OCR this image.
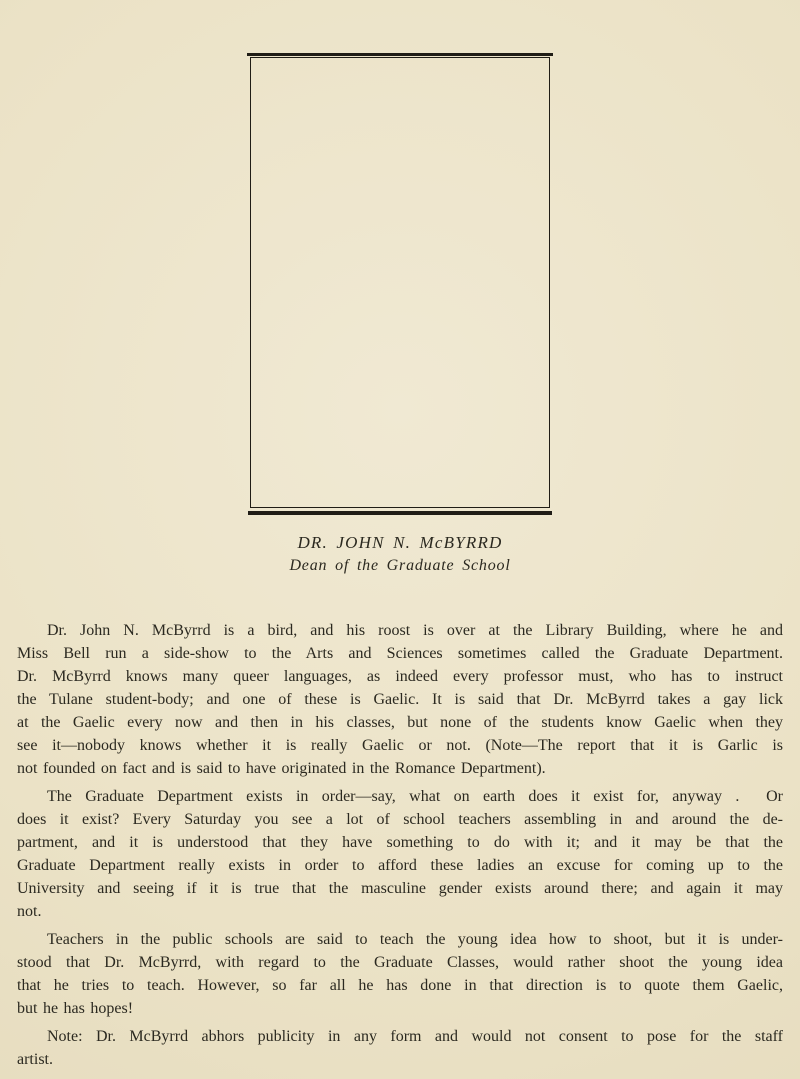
DR. JOHN N. McBYRRD
Dean of the Graduate School
Dr. John N. McByrrd is a bird, and his roost is over at the Library Building, where he and
Miss Bell run a side-show to the Arts and Sciences sometimes called the Graduate Department.
Dr. McByrrd knows many queer languages, as indeed every professor must, who has to instruct
the Tulane student-body; and one of these is Gaelic. It is said that Dr. McByrrd takes a gay lick
at the Gaelic every now and then in his classes, but none of the students know Gaelic when they
see it—nobody knows whether it is really Gaelic or not. (Note—The report that it is Garlic is
not founded on fact and is said to have originated in the Romance Department).
The Graduate Department exists in order—say, what on earth does it exist for, anyway .  Or
does it exist? Every Saturday you see a lot of school teachers assembling in and around the de-
partment, and it is understood that they have something to do with it; and it may be that the
Graduate Department really exists in order to afford these ladies an excuse for coming up to the
University and seeing if it is true that the masculine gender exists around there; and again it may
not.
Teachers in the public schools are said to teach the young idea how to shoot, but it is under-
stood that Dr. McByrrd, with regard to the Graduate Classes, would rather shoot the young idea
that he tries to teach. However, so far all he has done in that direction is to quote them Gaelic,
but he has hopes!
Note: Dr. McByrrd abhors publicity in any form and would not consent to pose for the staff
artist.
